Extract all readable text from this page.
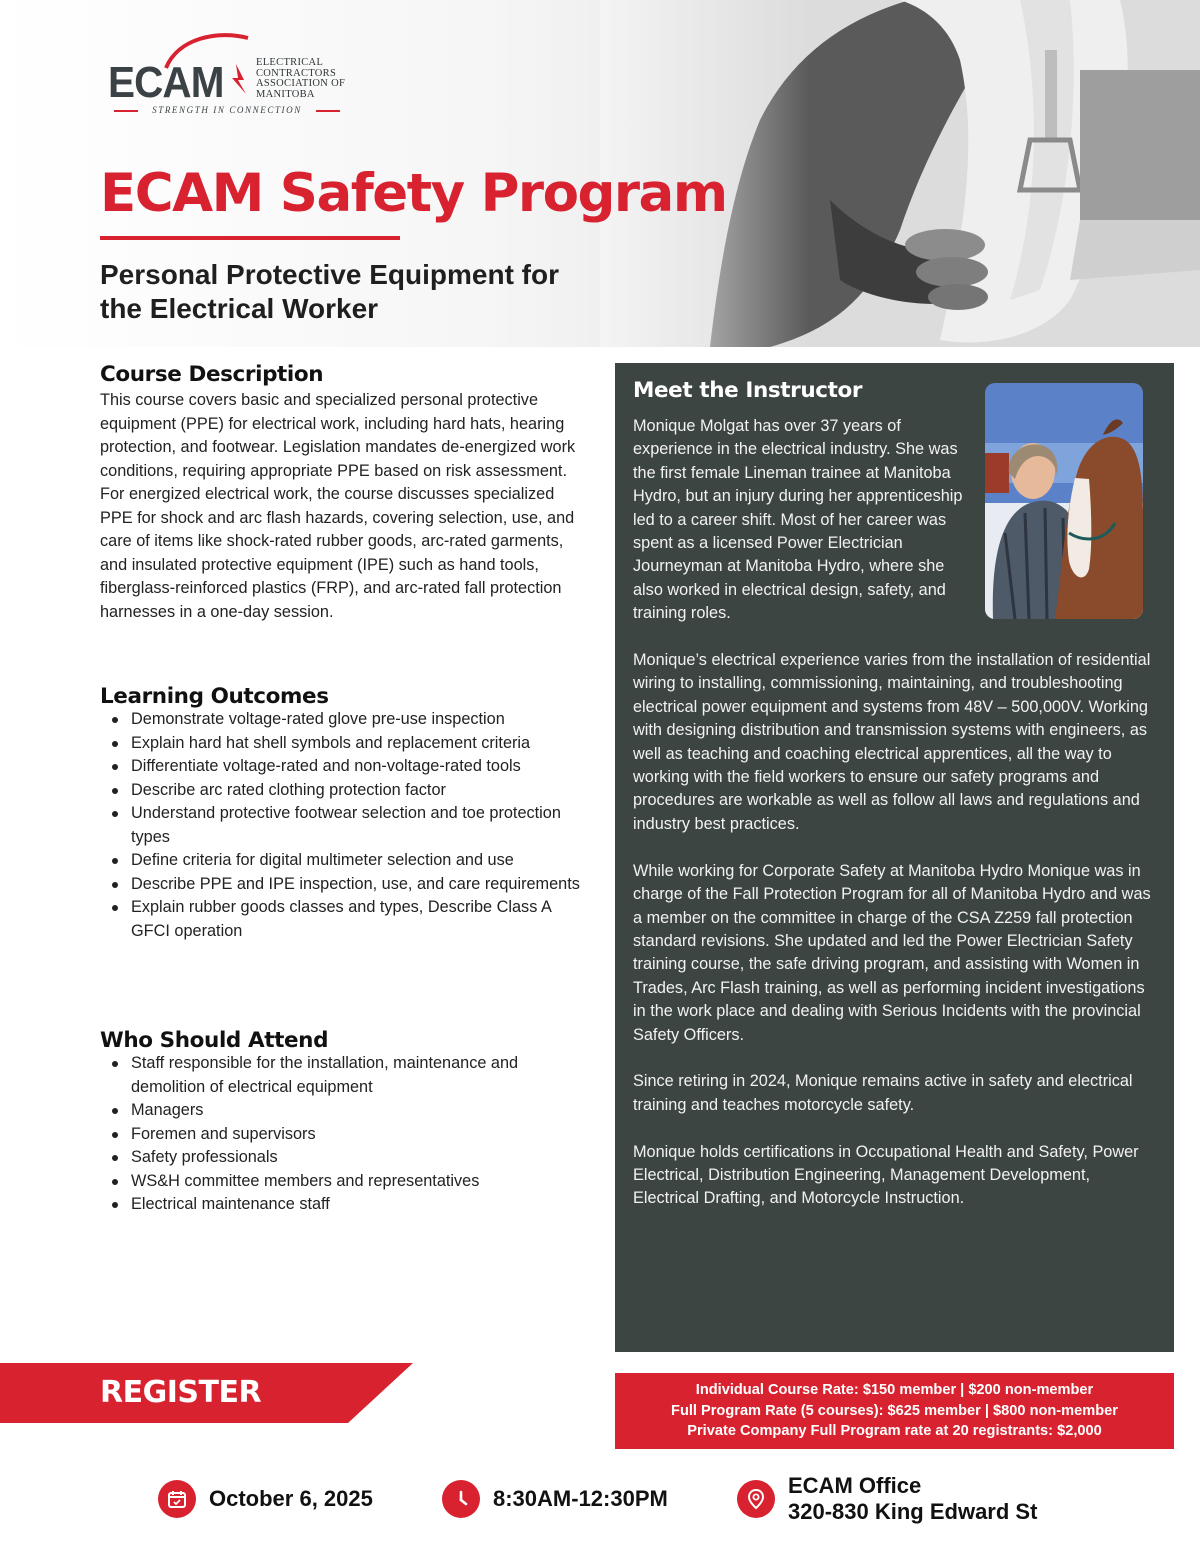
ECAM	ELECTRICAL
CONTRACTORS
ASSOCIATION OF
MANITOBA
STRENGTH IN CONNECTION
ECAM Safety Program
Personal Protective Equipment for
the Electrical Worker
Course Description

This course covers basic and specialized personal protective equipment (PPE) for electrical work, including hard hats, hearing protection, and footwear. Legislation mandates de-energized work conditions, requiring appropriate PPE based on risk assessment. For energized electrical work, the course discusses specialized PPE for shock and arc flash hazards, covering selection, use, and care of items like shock-rated rubber goods, arc-rated garments, and insulated protective equipment (IPE) such as hand tools, fiberglass-reinforced plastics (FRP), and arc-rated fall protection harnesses in a one-day session.

Learning Outcomes
Demonstrate voltage-rated glove pre-use inspection
Explain hard hat shell symbols and replacement criteria
Differentiate voltage-rated and non-voltage-rated tools
Describe arc rated clothing protection factor
Understand protective footwear selection and toe protection types
Define criteria for digital multimeter selection and use
Describe PPE and IPE inspection, use, and care requirements
Explain rubber goods classes and types, Describe Class A GFCI operation
Who Should Attend
Staff responsible for the installation, maintenance and demolition of electrical equipment
Managers
Foremen and supervisors
Safety professionals
WS&H committee members and representatives
Electrical maintenance staff
Meet the Instructor

Monique Molgat has over 37 years of experience in the electrical industry. She was the first female Lineman trainee at Manitoba Hydro, but an injury during her apprenticeship led to a career shift. Most of her career was spent as a licensed Power Electrician Journeyman at Manitoba Hydro, where she also worked in electrical design, safety, and training roles.

Monique’s electrical experience varies from the installation of residential wiring to installing, commissioning, maintaining, and troubleshooting electrical power equipment and systems from 48V – 500,000V. Working with designing distribution and transmission systems with engineers, as well as teaching and coaching electrical apprentices, all the way to working with the field workers to ensure our safety programs and procedures are workable as well as follow all laws and regulations and industry best practices.

While working for Corporate Safety at Manitoba Hydro Monique was in charge of the Fall Protection Program for all of Manitoba Hydro and was a member on the committee in charge of the CSA Z259 fall protection standard revisions. She updated and led the Power Electrician Safety training course, the safe driving program, and assisting with Women in Trades, Arc Flash training, as well as performing incident investigations in the work place and dealing with Serious Incidents with the provincial Safety Officers.

Since retiring in 2024, Monique remains active in safety and electrical training and teaches motorcycle safety.

Monique holds certifications in Occupational Health and Safety, Power Electrical, Distribution Engineering, Management Development, Electrical Drafting, and Motorcycle Instruction.

REGISTER	Individual Course Rate: $150 member | $200 non-member
Full Program Rate (5 courses): $625 member | $800 non-member
Private Company Full Program rate at 20 registrants: $2,000
October 6, 2025	8:30AM-12:30PM
ECAM Office
320-830 King Edward St
